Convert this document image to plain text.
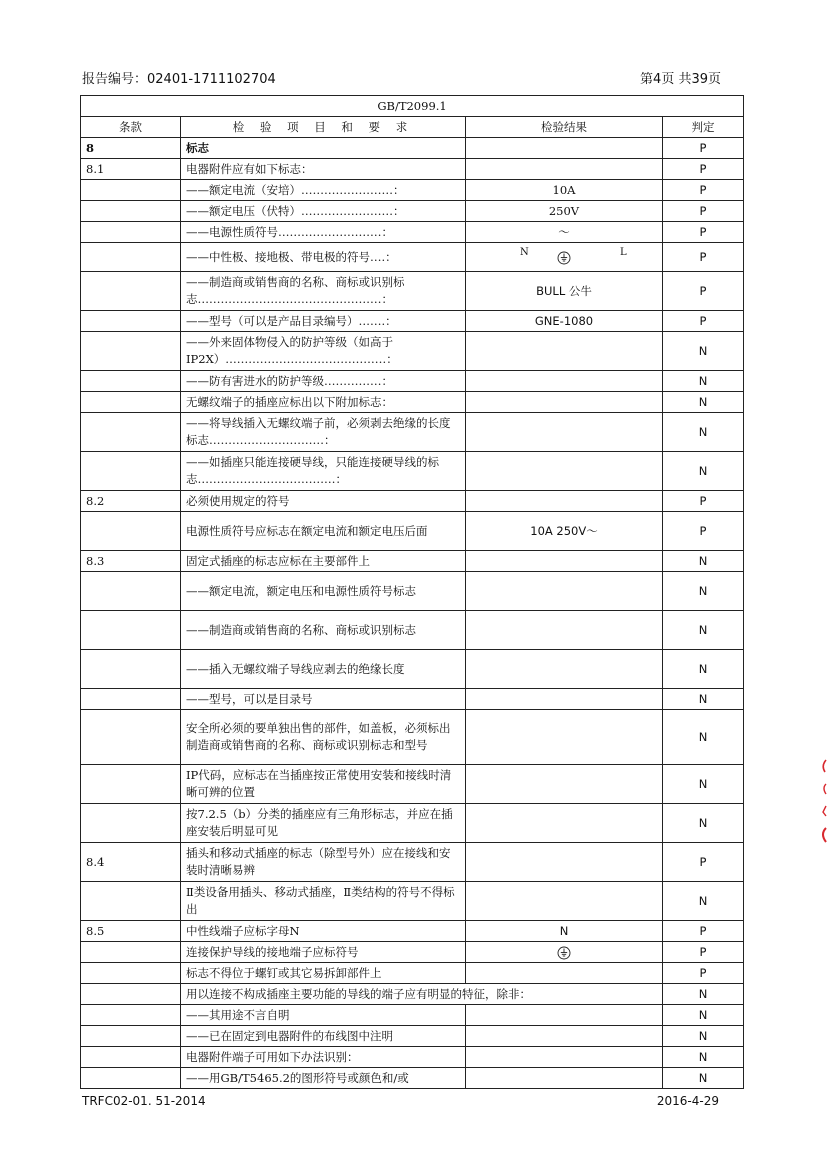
报告编号：02401-1711102704	第4页 共39页
GB/T2099.1			
条款	检 验 项 目 和 要 求	检验结果	判定
8	标志		P
8.1	电器附件应有如下标志：		P
	——额定电流（安培）……………………：	10A	P
	——额定电压（伏特）……………………：	250V	P
	——电源性质符号………………………：	～	P
	——中性极、接地极、带电极的符号….：	N L	P
	——制造商或销售商的名称、商标或识别标志…………………………………………：	BULL 公牛	P
	——型号（可以是产品目录编号）…….：	GNE-1080	P
	——外来固体物侵入的防护等级（如高于IP2X）……………………………………：		N
	——防有害进水的防护等级……………：		N
	无螺纹端子的插座应标出以下附加标志：		N
	——将导线插入无螺纹端子前，必须剥去绝缘的长度标志…………………………：		N
	——如插座只能连接硬导线，只能连接硬导线的标志………………………………：		N
8.2	必须使用规定的符号		P
	电源性质符号应标志在额定电流和额定电压后面	10A 250V～	P
8.3	固定式插座的标志应标在主要部件上		N
	——额定电流，额定电压和电源性质符号标志		N
	——制造商或销售商的名称、商标或识别标志		N
	——插入无螺纹端子导线应剥去的绝缘长度		N
	——型号，可以是目录号		N
	安全所必须的要单独出售的部件，如盖板，必须标出制造商或销售商的名称、商标或识别标志和型号		N
	IP代码，应标志在当插座按正常使用安装和接线时清晰可辨的位置		N
	按7.2.5（b）分类的插座应有三角形标志，并应在插座安装后明显可见		N
8.4	插头和移动式插座的标志（除型号外）应在接线和安装时清晰易辨		P
	Ⅱ类设备用插头、移动式插座，Ⅱ类结构的符号不得标出		N
8.5	中性线端子应标字母N	N	P
	连接保护导线的接地端子应标符号		P
	标志不得位于螺钉或其它易拆卸部件上		P
	用以连接不构成插座主要功能的导线的端子应有明显的特征，除非：		N
	——其用途不言自明		N
	——已在固定到电器附件的布线图中注明		N
	电器附件端子可用如下办法识别：		N
	——用GB/T5465.2的图形符号或颜色和/或		N
TRFC02-01. 51-2014	2016-4-29
